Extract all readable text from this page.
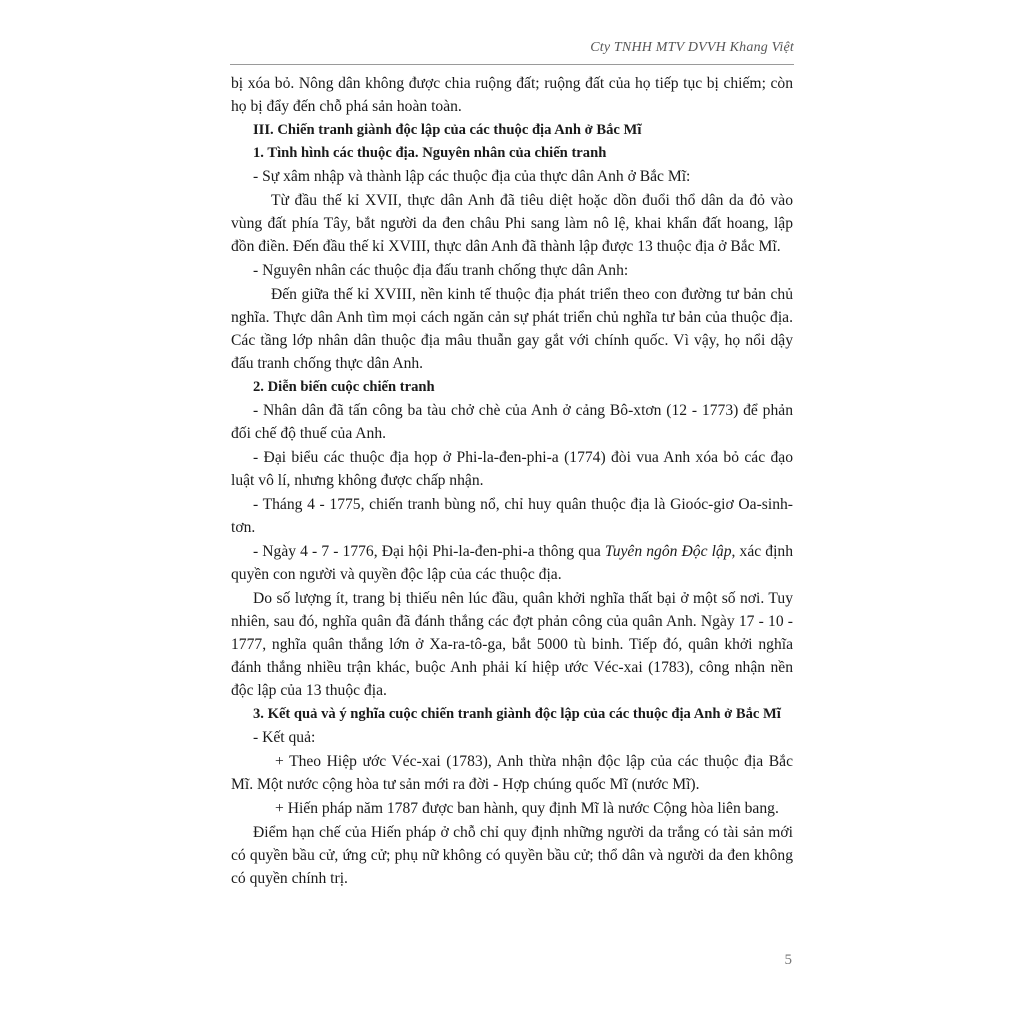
Cty TNHH MTV DVVH Khang Việt

bị xóa bỏ. Nông dân không được chia ruộng đất; ruộng đất của họ tiếp tục bị chiếm; còn họ bị đẩy đến chỗ phá sản hoàn toàn.

III. Chiến tranh giành độc lập của các thuộc địa Anh ở Bắc Mĩ

1. Tình hình các thuộc địa. Nguyên nhân của chiến tranh

- Sự xâm nhập và thành lập các thuộc địa của thực dân Anh ở Bắc Mĩ:

Từ đầu thế kỉ XVII, thực dân Anh đã tiêu diệt hoặc dồn đuổi thổ dân da đỏ vào vùng đất phía Tây, bắt người da đen châu Phi sang làm nô lệ, khai khẩn đất hoang, lập đồn điền. Đến đầu thế kỉ XVIII, thực dân Anh đã thành lập được 13 thuộc địa ở Bắc Mĩ.

- Nguyên nhân các thuộc địa đấu tranh chống thực dân Anh:

Đến giữa thế kỉ XVIII, nền kinh tế thuộc địa phát triển theo con đường tư bản chủ nghĩa. Thực dân Anh tìm mọi cách ngăn cản sự phát triển chủ nghĩa tư bản của thuộc địa. Các tầng lớp nhân dân thuộc địa mâu thuẫn gay gắt với chính quốc. Vì vậy, họ nổi dậy đấu tranh chống thực dân Anh.

2. Diễn biến cuộc chiến tranh

- Nhân dân đã tấn công ba tàu chở chè của Anh ở cảng Bô-xtơn (12 - 1773) để phản đối chế độ thuế của Anh.

- Đại biểu các thuộc địa họp ở Phi-la-đen-phi-a (1774) đòi vua Anh xóa bỏ các đạo luật vô lí, nhưng không được chấp nhận.

- Tháng 4 - 1775, chiến tranh bùng nổ, chỉ huy quân thuộc địa là Gioóc-giơ Oa-sinh-tơn.

- Ngày 4 - 7 - 1776, Đại hội Phi-la-đen-phi-a thông qua Tuyên ngôn Độc lập, xác định quyền con người và quyền độc lập của các thuộc địa.

Do số lượng ít, trang bị thiếu nên lúc đầu, quân khởi nghĩa thất bại ở một số nơi. Tuy nhiên, sau đó, nghĩa quân đã đánh thắng các đợt phản công của quân Anh. Ngày 17 - 10 - 1777, nghĩa quân thắng lớn ở Xa-ra-tô-ga, bắt 5000 tù binh. Tiếp đó, quân khởi nghĩa đánh thắng nhiều trận khác, buộc Anh phải kí hiệp ước Véc-xai (1783), công nhận nền độc lập của 13 thuộc địa.

3. Kết quả và ý nghĩa cuộc chiến tranh giành độc lập của các thuộc địa Anh ở Bắc Mĩ

- Kết quả:

+ Theo Hiệp ước Véc-xai (1783), Anh thừa nhận độc lập của các thuộc địa Bắc Mĩ. Một nước cộng hòa tư sản mới ra đời - Hợp chúng quốc Mĩ (nước Mĩ).

+ Hiến pháp năm 1787 được ban hành, quy định Mĩ là nước Cộng hòa liên bang.

Điểm hạn chế của Hiến pháp ở chỗ chỉ quy định những người da trắng có tài sản mới có quyền bầu cử, ứng cử; phụ nữ không có quyền bầu cử; thổ dân và người da đen không có quyền chính trị.

5
